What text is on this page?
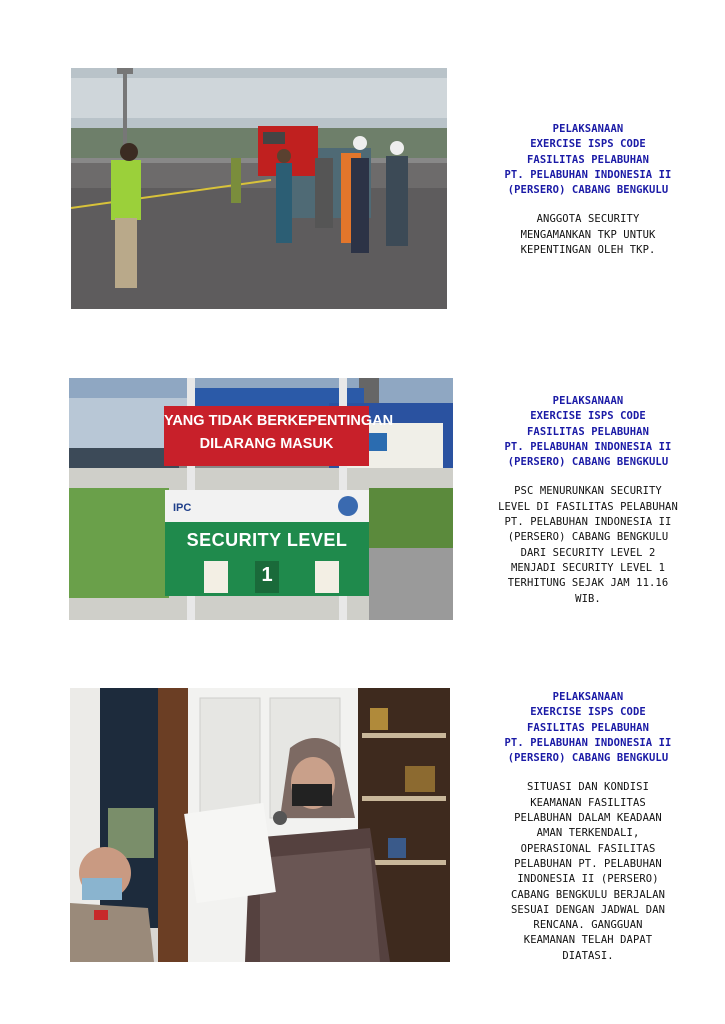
PELAKSANAAN
EXERCISE ISPS CODE
FASILITAS PELABUHAN
PT. PELABUHAN INDONESIA II
(PERSERO) CABANG BENGKULU
ANGGOTA SECURITY
MENGAMANKAN TKP UNTUK
KEPENTINGAN OLEH TKP.
YANG TIDAK BERKEPENTINGAN
DILARANG MASUK
IPC
SECURITY LEVEL
1
PELAKSANAAN
EXERCISE ISPS CODE
FASILITAS PELABUHAN
PT. PELABUHAN INDONESIA II
(PERSERO) CABANG BENGKULU
PSC MENURUNKAN SECURITY
LEVEL DI FASILITAS PELABUHAN
PT. PELABUHAN INDONESIA II
(PERSERO) CABANG BENGKULU
DARI SECURITY LEVEL 2
MENJADI SECURITY LEVEL 1
TERHITUNG SEJAK JAM 11.16
WIB.
PELAKSANAAN
EXERCISE ISPS CODE
FASILITAS PELABUHAN
PT. PELABUHAN INDONESIA II
(PERSERO) CABANG BENGKULU
SITUASI DAN KONDISI
KEAMANAN FASILITAS
PELABUHAN DALAM KEADAAN
AMAN TERKENDALI,
OPERASIONAL FASILITAS
PELABUHAN PT. PELABUHAN
INDONESIA II (PERSERO)
CABANG BENGKULU BERJALAN
SESUAI DENGAN JADWAL DAN
RENCANA. GANGGUAN
KEAMANAN TELAH DAPAT
DIATASI.
